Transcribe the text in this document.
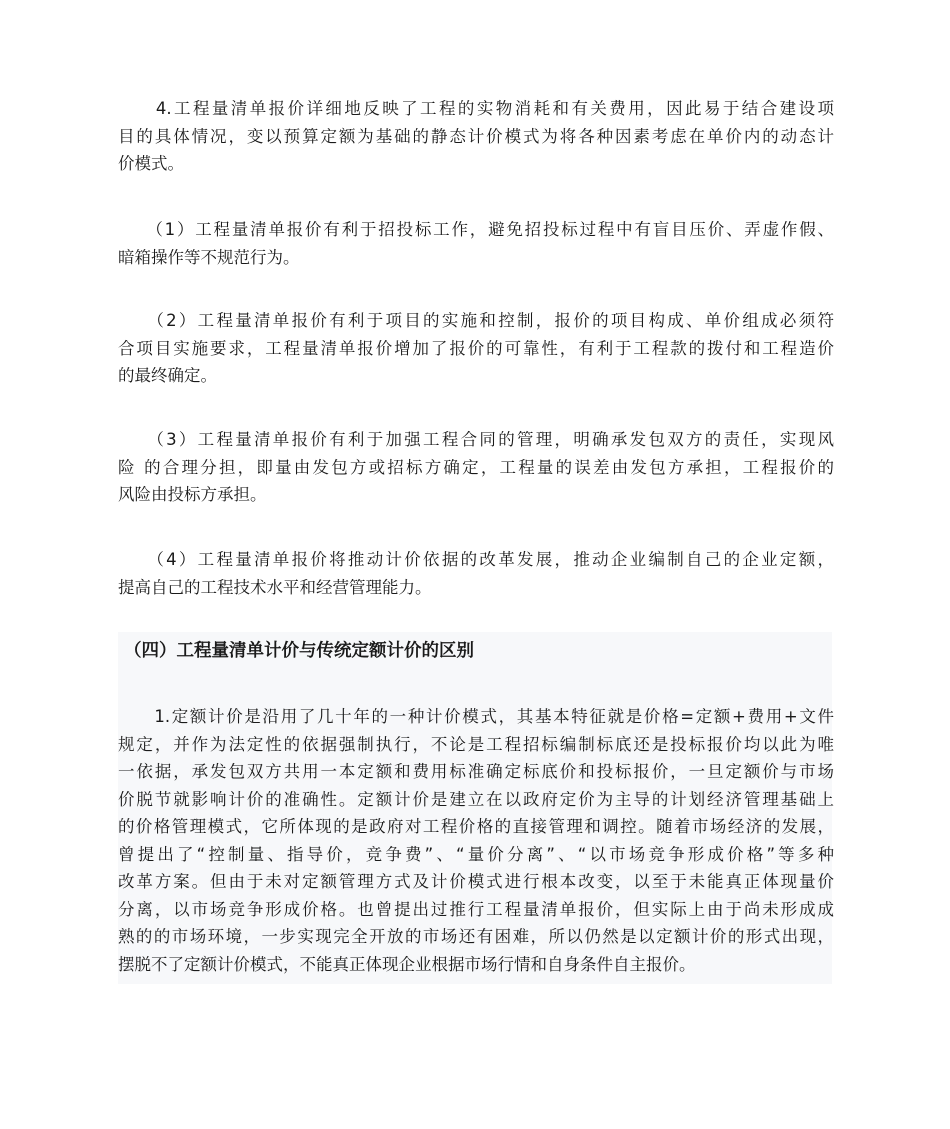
　　4.工程量清单报价详细地反映了工程的实物消耗和有关费用，因此易于结合建设项
目的具体情况，变以预算定额为基础的静态计价模式为将各种因素考虑在单价内的动态计
价模式。

　　（1）工程量清单报价有利于招投标工作，避免招投标过程中有盲目压价、弄虚作假、
暗箱操作等不规范行为。

　　（2）工程量清单报价有利于项目的实施和控制，报价的项目构成、单价组成必须符
合项目实施要求，工程量清单报价增加了报价的可靠性，有利于工程款的拨付和工程造价
的最终确定。

　　（3）工程量清单报价有利于加强工程合同的管理，明确承发包双方的责任，实现风
险 的合理分担，即量由发包方或招标方确定，工程量的误差由发包方承担，工程报价的
风险由投标方承担。

　　（4）工程量清单报价将推动计价依据的改革发展，推动企业编制自己的企业定额，
提高自己的工程技术水平和经营管理能力。

（四）工程量清单计价与传统定额计价的区别

　　1.定额计价是沿用了几十年的一种计价模式，其基本特征就是价格=定额+费用+文件
规定，并作为法定性的依据强制执行，不论是工程招标编制标底还是投标报价均以此为唯
一依据，承发包双方共用一本定额和费用标准确定标底价和投标报价，一旦定额价与市场
价脱节就影响计价的准确性。定额计价是建立在以政府定价为主导的计划经济管理基础上
的价格管理模式，它所体现的是政府对工程价格的直接管理和调控。随着市场经济的发展，
曾提出了“控制量、指导价，竞争费”、“量价分离”、“以市场竞争形成价格”等多种
改革方案。但由于未对定额管理方式及计价模式进行根本改变，以至于未能真正体现量价
分离，以市场竞争形成价格。也曾提出过推行工程量清单报价，但实际上由于尚未形成成
熟的的市场环境，一步实现完全开放的市场还有困难，所以仍然是以定额计价的形式出现，
摆脱不了定额计价模式，不能真正体现企业根据市场行情和自身条件自主报价。
